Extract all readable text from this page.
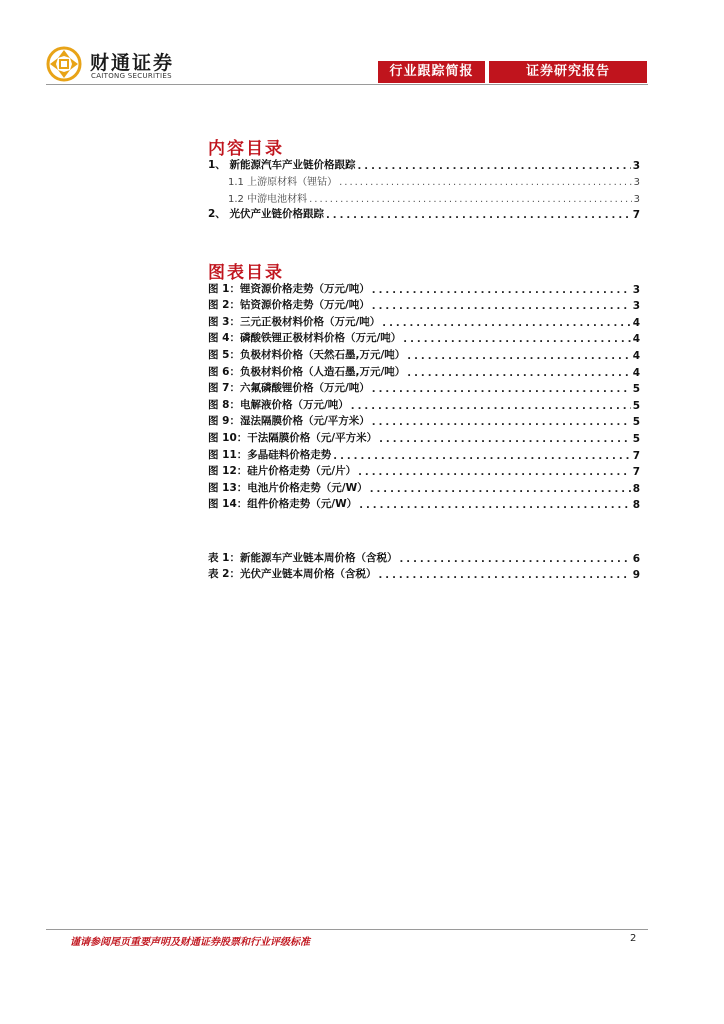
财通证券
CAITONG SECURITIES	行业跟踪简报	证券研究报告
内容目录
1、 新能源汽车产业链价格跟踪 .....	3
1.1 上游原材料（锂钴） .....	3
1.2 中游电池材料 .....	3
2、 光伏产业链价格跟踪 .....	7
图表目录
图 1：锂资源价格走势（万元/吨） .....	3
图 2：钴资源价格走势（万元/吨） .....	3
图 3：三元正极材料价格（万元/吨） .....	4
图 4：磷酸铁锂正极材料价格（万元/吨） .....	4
图 5：负极材料价格（天然石墨,万元/吨） .....	4
图 6：负极材料价格（人造石墨,万元/吨） .....	4
图 7：六氟磷酸锂价格（万元/吨） .....	5
图 8：电解液价格（万元/吨） .....	5
图 9：湿法隔膜价格（元/平方米） .....	5
图 10：干法隔膜价格（元/平方米） .....	5
图 11：多晶硅料价格走势 .....	7
图 12：硅片价格走势（元/片） .....	7
图 13：电池片价格走势（元/W） .....	8
图 14：组件价格走势（元/W） .....	8
表 1：新能源车产业链本周价格（含税） .....	6
表 2：光伏产业链本周价格（含税） .....	9
谨请参阅尾页重要声明及财通证券股票和行业评级标准	2
